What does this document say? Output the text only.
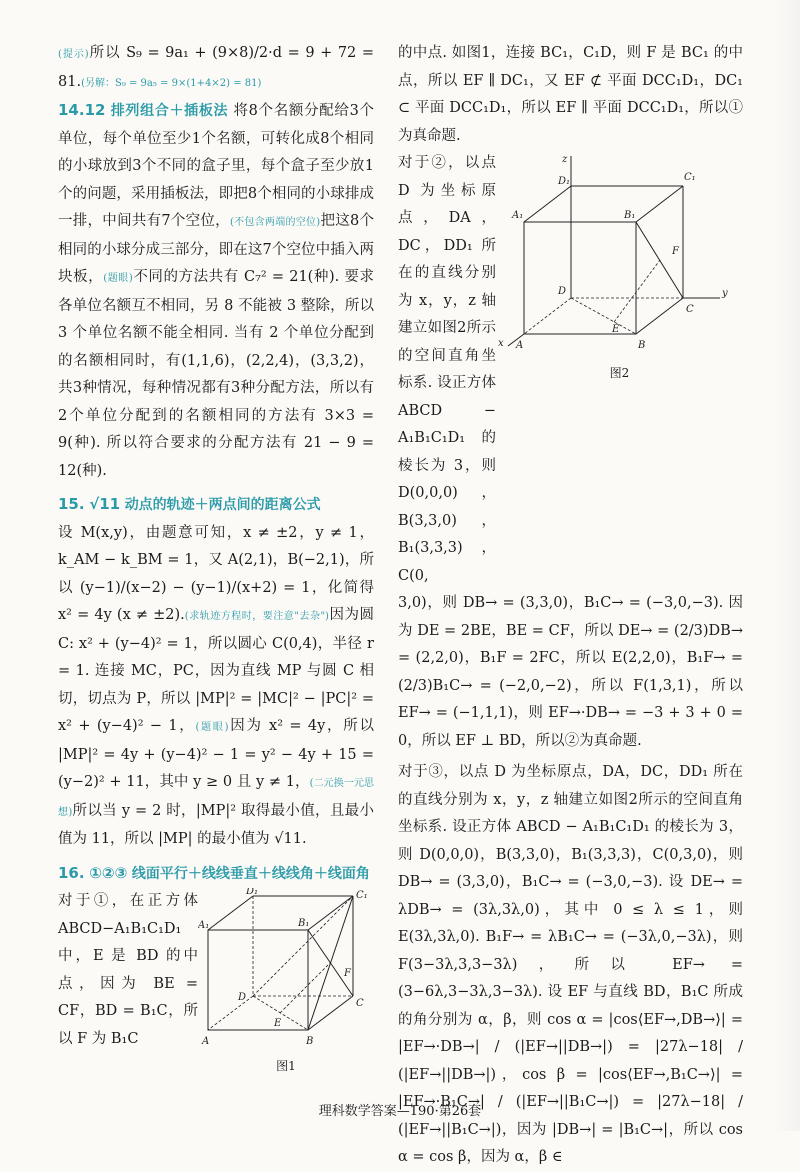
(提示)所以 S₉ = 9a₁ + (9×8)/2·d = 9 + 72 = 81.(另解：S₉ = 9a₅ = 9×(1+4×2) = 81)

14.12 排列组合＋插板法 将8个名额分配给3个单位，每个单位至少1个名额，可转化成8个相同的小球放到3个不同的盒子里，每个盒子至少放1个的问题，采用插板法，即把8个相同的小球排成一排，中间共有7个空位，(不包含两端的空位)把这8个相同的小球分成三部分，即在这7个空位中插入两块板，(题眼)不同的方法共有 C₇² = 21(种). 要求各单位名额互不相同，另 8 不能被 3 整除，所以 3 个单位名额不能全相同. 当有 2 个单位分配到的名额相同时，有(1,1,6)，(2,2,4)，(3,3,2)，共3种情况，每种情况都有3种分配方法，所以有2个单位分配到的名额相同的方法有 3×3 = 9(种). 所以符合要求的分配方法有 21 − 9 = 12(种).

15. √11 动点的轨迹＋两点间的距离公式
设 M(x,y)，由题意可知，x ≠ ±2，y ≠ 1，k_AM − k_BM = 1，又 A(2,1)，B(−2,1)，所以 (y−1)/(x−2) − (y−1)/(x+2) = 1，化简得 x² = 4y (x ≠ ±2).(求轨迹方程时，要注意"去杂")因为圆 C: x² + (y−4)² = 1，所以圆心 C(0,4)，半径 r = 1. 连接 MC，PC，因为直线 MP 与圆 C 相切，切点为 P，所以 |MP|² = |MC|² − |PC|² = x² + (y−4)² − 1，(题眼)因为 x² = 4y，所以 |MP|² = 4y + (y−4)² − 1 = y² − 4y + 15 = (y−2)² + 11，其中 y ≥ 0 且 y ≠ 1，(二元换一元思想)所以当 y = 2 时，|MP|² 取得最小值，且最小值为 11，所以 |MP| 的最小值为 √11.

16. ①②③ 线面平行＋线线垂直＋线线角＋线面角

对于①，在正方体 ABCD−A₁B₁C₁D₁ 中，E 是 BD 的中点，因为 BE = CF，BD = B₁C，所以 F 为 B₁C

D₁	C₁
A₁	B₁
F
D
C
E
A	B
图1

的中点. 如图1，连接 BC₁，C₁D，则 F 是 BC₁ 的中点，所以 EF ∥ DC₁，又 EF ⊄ 平面 DCC₁D₁，DC₁ ⊂ 平面 DCC₁D₁，所以 EF ∥ 平面 DCC₁D₁，所以①为真命题.

对于②，以点 D 为坐标原点，DA，DC，DD₁ 所在的直线分别为 x，y，z 轴建立如图2所示的空间直角坐标系. 设正方体 ABCD − A₁B₁C₁D₁ 的棱长为 3，则 D(0,0,0)，B(3,3,0)，B₁(3,3,3)，C(0,

z
D₁	C₁
A₁	B₁
F
D
C
y
E
x A	B
图2

3,0)，则 DB→ = (3,3,0)，B₁C→ = (−3,0,−3). 因为 DE = 2BE，BE = CF，所以 DE→ = (2/3)DB→ = (2,2,0)，B₁F = 2FC，所以 E(2,2,0)，B₁F→ = (2/3)B₁C→ = (−2,0,−2)，所以 F(1,3,1)，所以 EF→ = (−1,1,1)，则 EF→·DB→ = −3 + 3 + 0 = 0，所以 EF ⊥ BD，所以②为真命题.

对于③，以点 D 为坐标原点，DA，DC，DD₁ 所在的直线分别为 x，y，z 轴建立如图2所示的空间直角坐标系. 设正方体 ABCD − A₁B₁C₁D₁ 的棱长为 3，则 D(0,0,0)，B(3,3,0)，B₁(3,3,3)，C(0,3,0)，则 DB→ = (3,3,0)，B₁C→ = (−3,0,−3). 设 DE→ = λDB→ = (3λ,3λ,0)，其中 0 ≤ λ ≤ 1，则 E(3λ,3λ,0). B₁F→ = λB₁C→ = (−3λ,0,−3λ)，则 F(3−3λ,3,3−3λ)，所以 EF→ = (3−6λ,3−3λ,3−3λ). 设 EF 与直线 BD，B₁C 所成的角分别为 α，β，则 cos α = |cos⟨EF→,DB→⟩| = |EF→·DB→| / (|EF→||DB→|) = |27λ−18| / (|EF→||DB→|)，cos β = |cos⟨EF→,B₁C→⟩| = |EF→·B₁C→| / (|EF→||B₁C→|) = |27λ−18| / (|EF→||B₁C→|)，因为 |DB→| = |B₁C→|，所以 cos α = cos β，因为 α，β ∈

理科数学答案—190·第26套
